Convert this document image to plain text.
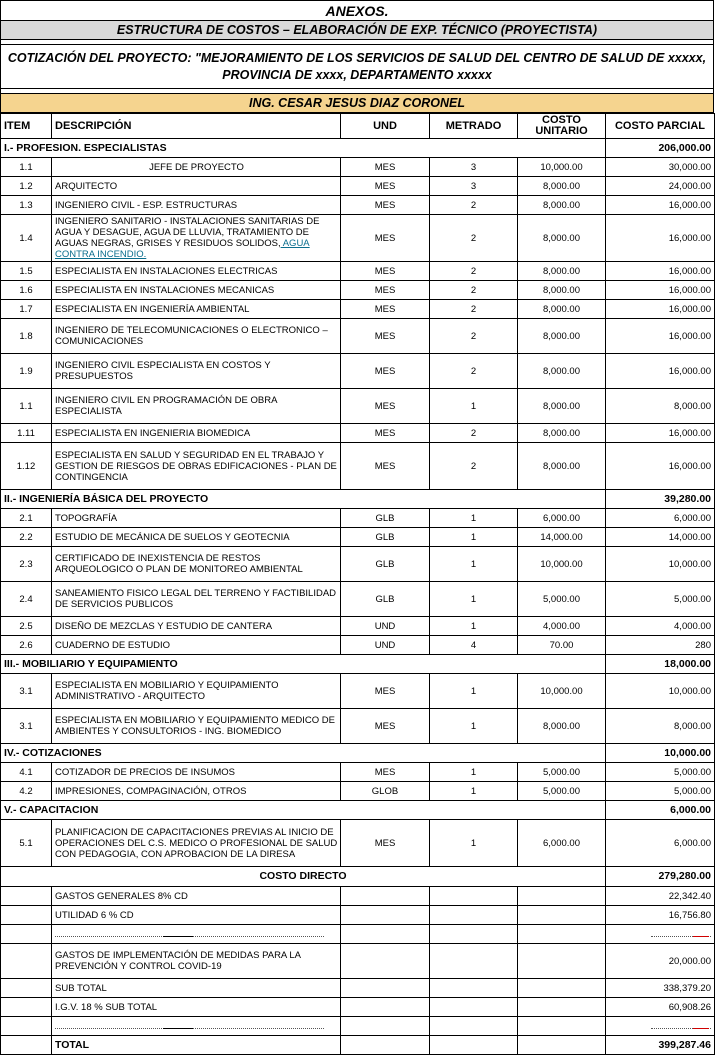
ANEXOS.
ESTRUCTURA DE COSTOS – ELABORACIÓN DE EXP. TÉCNICO (PROYECTISTA)
COTIZACIÓN DEL PROYECTO: "MEJORAMIENTO DE LOS SERVICIOS DE SALUD DEL CENTRO DE SALUD DE xxxxx,
PROVINCIA DE xxxx, DEPARTAMENTO xxxxx
ING. CESAR JESUS DIAZ CORONEL
ITEM	DESCRIPCIÓN	UND	METRADO	COSTO UNITARIO	COSTO PARCIAL
I.- PROFESION. ESPECIALISTAS					206,000.00
1.1	JEFE DE PROYECTO	MES	3	10,000.00	30,000.00
1.2	ARQUITECTO	MES	3	8,000.00	24,000.00
1.3	INGENIERO CIVIL - ESP. ESTRUCTURAS	MES	2	8,000.00	16,000.00
1.4	INGENIERO SANITARIO - INSTALACIONES SANITARIAS DE AGUA Y DESAGUE, AGUA DE LLUVIA, TRATAMIENTO DE AGUAS NEGRAS, GRISES Y RESIDUOS SOLIDOS, AGUA CONTRA INCENDIO.	MES	2	8,000.00	16,000.00
1.5	ESPECIALISTA EN INSTALACIONES ELECTRICAS	MES	2	8,000.00	16,000.00
1.6	ESPECIALISTA EN INSTALACIONES MECANICAS	MES	2	8,000.00	16,000.00
1.7	ESPECIALISTA EN INGENIERÍA AMBIENTAL	MES	2	8,000.00	16,000.00
1.8	INGENIERO DE TELECOMUNICACIONES O ELECTRONICO – COMUNICACIONES	MES	2	8,000.00	16,000.00
1.9	INGENIERO CIVIL ESPECIALISTA EN COSTOS Y PRESUPUESTOS	MES	2	8,000.00	16,000.00
1.1	INGENIERO CIVIL EN PROGRAMACIÓN DE OBRA ESPECIALISTA	MES	1	8,000.00	8,000.00
1.11	ESPECIALISTA EN INGENIERIA BIOMEDICA	MES	2	8,000.00	16,000.00
1.12	ESPECIALISTA EN SALUD Y SEGURIDAD EN EL TRABAJO Y GESTION DE RIESGOS DE OBRAS EDIFICACIONES - PLAN DE CONTINGENCIA	MES	2	8,000.00	16,000.00
II.- INGENIERÍA BÁSICA DEL PROYECTO					39,280.00
2.1	TOPOGRAFÍA	GLB	1	6,000.00	6,000.00
2.2	ESTUDIO DE MECÁNICA DE SUELOS Y GEOTECNIA	GLB	1	14,000.00	14,000.00
2.3	CERTIFICADO DE INEXISTENCIA DE RESTOS ARQUEOLOGICO O PLAN DE MONITOREO AMBIENTAL	GLB	1	10,000.00	10,000.00
2.4	SANEAMIENTO FISICO LEGAL DEL TERRENO Y FACTIBILIDAD DE SERVICIOS PUBLICOS	GLB	1	5,000.00	5,000.00
2.5	DISEÑO DE MEZCLAS Y ESTUDIO DE CANTERA	UND	1	4,000.00	4,000.00
2.6	CUADERNO DE ESTUDIO	UND	4	70.00	280
III.- MOBILIARIO Y EQUIPAMIENTO					18,000.00
3.1	ESPECIALISTA EN MOBILIARIO Y EQUIPAMIENTO ADMINISTRATIVO - ARQUITECTO	MES	1	10,000.00	10,000.00
3.1	ESPECIALISTA EN MOBILIARIO Y EQUIPAMIENTO MEDICO DE AMBIENTES Y CONSULTORIOS - ING. BIOMEDICO	MES	1	8,000.00	8,000.00
IV.- COTIZACIONES					10,000.00
4.1	COTIZADOR DE PRECIOS DE INSUMOS	MES	1	5,000.00	5,000.00
4.2	IMPRESIONES, COMPAGINACIÓN, OTROS	GLOB	1	5,000.00	5,000.00
V.- CAPACITACION					6,000.00
5.1	PLANIFICACION DE CAPACITACIONES PREVIAS AL INICIO DE OPERACIONES DEL C.S. MEDICO O PROFESIONAL DE SALUD CON PEDAGOGIA, CON APROBACION DE LA DIRESA	MES	1	6,000.00	6,000.00
COSTO DIRECTO					279,280.00
	GASTOS GENERALES 8% CD				22,342.40
	UTILIDAD 6 % CD				16,756.80

	GASTOS DE IMPLEMENTACIÓN DE MEDIDAS PARA LA PREVENCIÓN Y CONTROL COVID-19				20,000.00
	SUB TOTAL				338,379.20
	I.G.V. 18 % SUB TOTAL				60,908.26

	TOTAL				399,287.46
